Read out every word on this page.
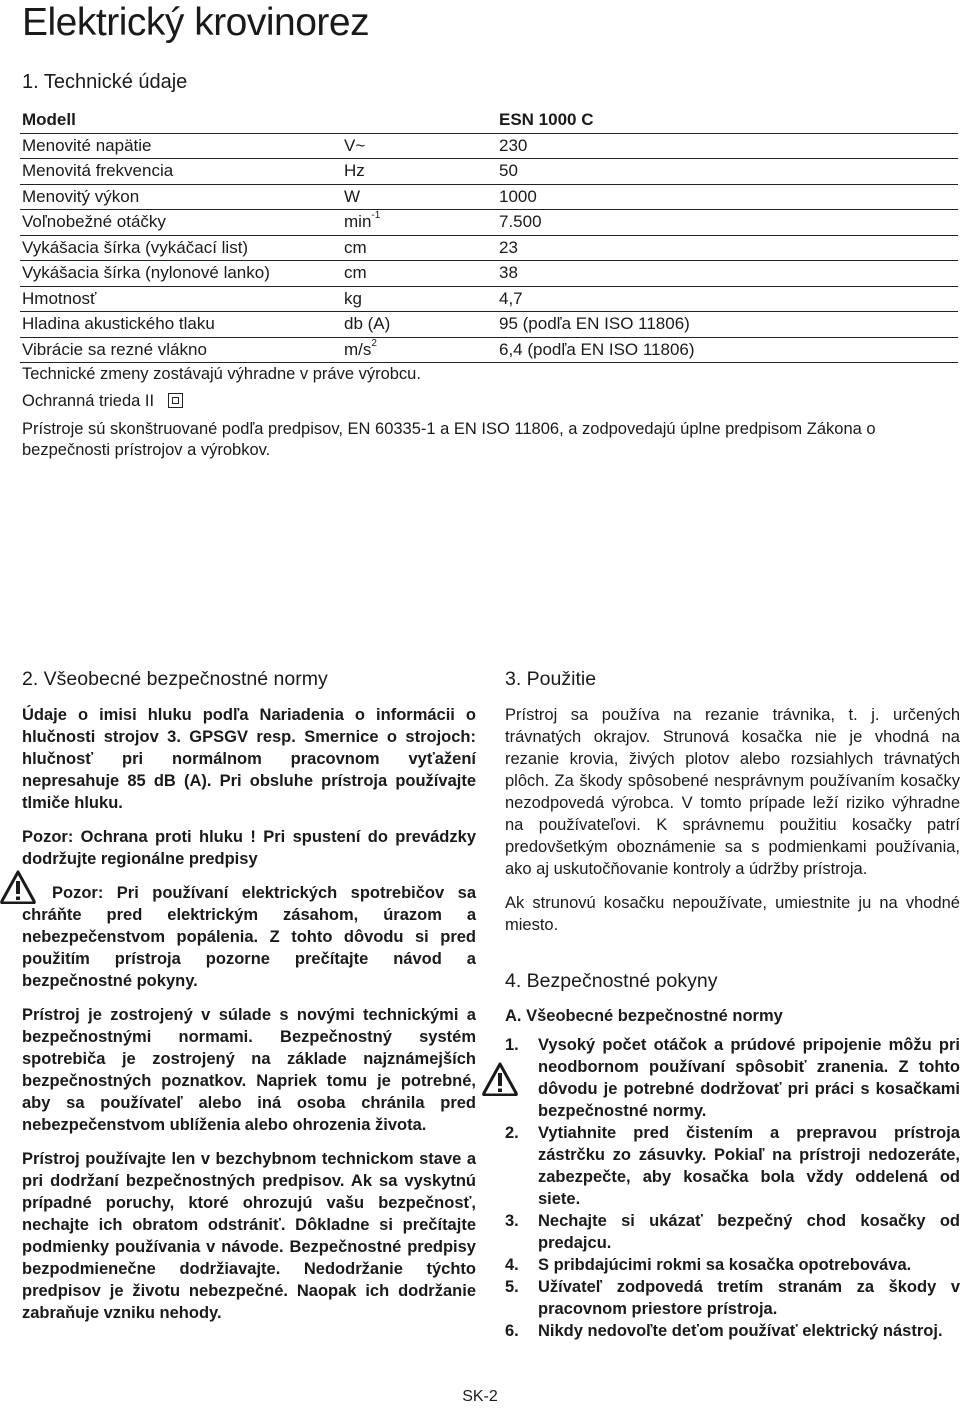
Elektrický krovinorez
1. Technické údaje
Modell		ESN 1000 C
Menovité napätie	V~	230
Menovitá frekvencia	Hz	50
Menovitý výkon	W	1000
Voľnobežné otáčky	$\min^{-1}$	7.500
Vykášacia šírka (vykáčací list)	cm	23
Vykášacia šírka (nylonové lanko)	cm	38
Hmotnosť	kg	4,7
Hladina akustického tlaku	db (A)	95 (podľa EN ISO 11806)
Vibrácie sa rezné vlákno	$m/s^2$	6,4 (podľa EN ISO 11806)
Technické zmeny zostávajú výhradne v práve výrobcu.
Ochranná trieda II
Prístroje sú skonštruované podľa predpisov, EN 60335-1 a EN ISO 11806, a zodpovedajú úplne predpisom Zákona o bezpečnosti prístrojov a výrobkov.
2. Všeobecné bezpečnostné normy

Údaje o imisi hluku podľa Nariadenia o informácii o hlučnosti strojov 3. GPSGV resp. Smernice o strojoch: hlučnosť pri normálnom pracovnom vyťažení nepresahuje 85 dB (A). Pri obsluhe prístroja používajte tlmiče hluku.

Pozor: Ochrana proti hluku ! Pri spustení do prevádzky dodržujte regionálne predpisy

Pozor: Pri používaní elektrických spotrebičov sa chráňte pred elektrickým zásahom, úrazom a nebezpečenstvom popálenia. Z tohto dôvodu si pred použitím prístroja pozorne prečítajte návod a bezpečnostné pokyny.

Prístroj je zostrojený v súlade s novými technickými a bezpečnostnými normami. Bezpečnostný systém spotrebiča je zostrojený na základe najznámejších bezpečnostných poznatkov. Napriek tomu je potrebné, aby sa používateľ alebo iná osoba chránila pred nebezpečenstvom ublíženia alebo ohrozenia života.

Prístroj používajte len v bezchybnom technickom stave a pri dodržaní bezpečnostných predpisov. Ak sa vyskytnú prípadné poruchy, ktoré ohrozujú vašu bezpečnosť, nechajte ich obratom odstrániť. Dôkladne si prečítajte podmienky používania v návode. Bezpečnostné predpisy bezpodmienečne dodržiavajte. Nedodržanie týchto predpisov je životu nebezpečné. Naopak ich dodržanie zabraňuje vzniku nehody.

3. Použitie

Prístroj sa používa na rezanie trávnika, t. j. určených trávnatých okrajov. Strunová kosačka nie je vhodná na rezanie krovia, živých plotov alebo rozsiahlych trávnatých plôch. Za škody spôsobené nesprávnym používaním kosačky nezodpovedá výrobca. V tomto prípade leží riziko výhradne na používateľovi. K správnemu použitiu kosačky patrí predovšetkým oboznámenie sa s podmienkami používania, ako aj uskutočňovanie kontroly a údržby prístroja.

Ak strunovú kosačku nepoužívate, umiestnite ju na vhodné miesto.

4. Bezpečnostné pokyny
A. Všeobecné bezpečnostné normy
1. Vysoký počet otáčok a prúdové pripojenie môžu pri neodbornom používaní spôsobiť zranenia. Z tohto dôvodu je potrebné dodržovať pri práci s kosačkami bezpečnostné normy.
2. Vytiahnite pred čistením a prepravou prístroja zástrčku zo zásuvky. Pokiaľ na prístroji nedozeráte, zabezpečte, aby kosačka bola vždy oddelená od siete.
3. Nechajte si ukázať bezpečný chod kosačky od predajcu.
4. S pribdajúcimi rokmi sa kosačka opotrebováva.
5. Užívateľ zodpovedá tretím stranám za škody v pracovnom priestore prístroja.
6. Nikdy nedovoľte deťom používať elektrický nástroj.
SK-2
